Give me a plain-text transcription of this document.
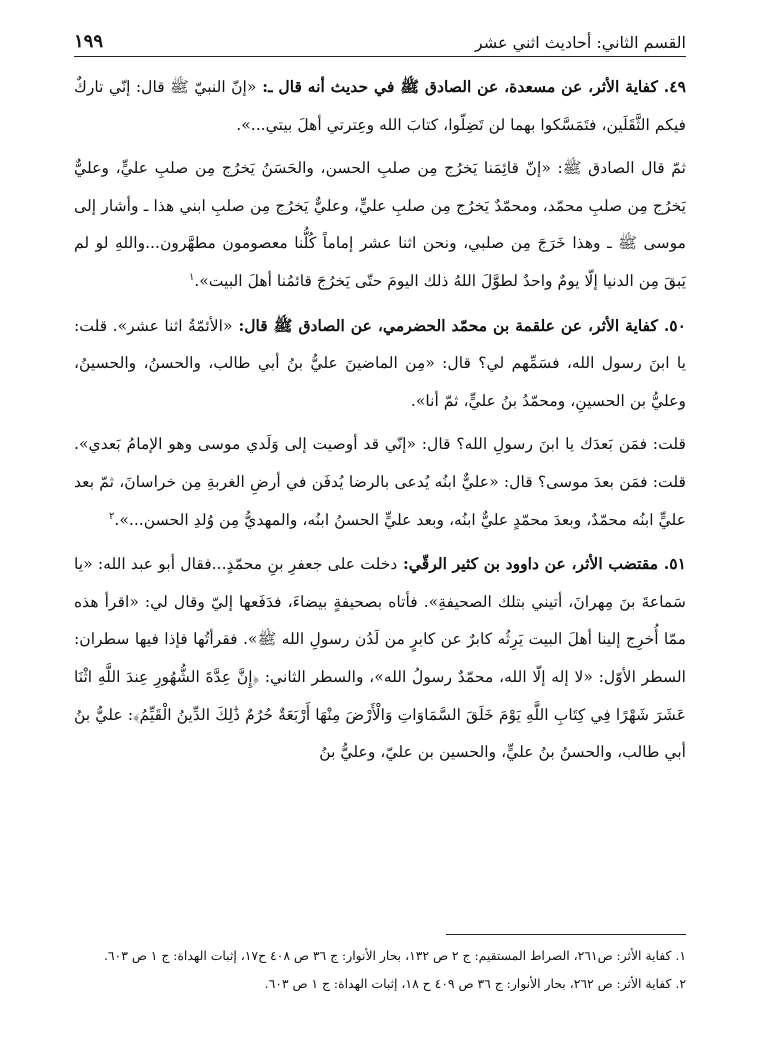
القسم الثاني: أحاديث اثني عشر
١٩٩

٤٩. كفاية الأثر، عن مسعدة، عن الصادق ﷺ في حديث أنه قال ـ: «إنّ النبيّ ﷺ قال: إنّي تاركٌ فيكم الثَّقَلَين، فتَمَسَّكوا بهما لن تَضِلّوا، كتابَ الله وعِترتي أهلَ بيتي...».

ثمّ قال الصادق ﷺ: «إنّ قائِمَنا يَخرُج مِن صلبِ الحسن، والحَسَنُ يَخرُج مِن صلبِ عليٍّ، وعليٌّ يَخرُج مِن صلبِ محمّد، ومحمّدٌ يَخرُج مِن صلبِ عليٍّ، وعليٌّ يَخرُج مِن صلبِ ابني هذا ـ وأشار إلى موسى ﷺ ـ وهذا خَرَجَ مِن صلبي، ونحن اثنا عشر إماماً كُلُّنا معصومون مطهَّرون...واللهِ لو لم يَبقَ مِن الدنيا إلّا يومٌ واحدٌ لطوَّلَ اللهُ ذلك اليومَ حتّى يَخرُجَ قائمُنا أهلَ البيت».$^١$

٥٠. كفاية الأثر، عن علقمة بن محمّد الحضرمي، عن الصادق ﷺ قال: «الأئمّةُ اثنا عشر». قلت: يا ابنَ رسول الله، فسَمِّهم لي؟ قال: «مِن الماضينَ عليُّ بنُ أبي طالب، والحسنُ، والحسينُ، وعليُّ بن الحسينِ، ومحمّدُ بنُ عليٍّ، ثمّ أنا».

قلت: فمَن بَعدَك يا ابنَ رسولِ الله؟ قال: «إنّي قد أوصيت إلى وَلَدي موسى وهو الإمامُ بَعدي». قلت: فمَن بعدَ موسى؟ قال: «عليٌّ ابنُه يُدعى بالرضا يُدفَن في أرضِ الغربةِ مِن خراسانَ، ثمّ بعد عليٍّ ابنُه محمّدٌ، وبعدَ محمّدٍ عليٌّ ابنُه، وبعد عليٍّ الحسنُ ابنُه، والمهديُّ مِن وُلدِ الحسن...».$^٢$

٥١. مقتضب الأثر، عن داوود بن كثير الرقّي: دخلت على جعفرِ بنِ محمّدٍ...فقال أبو عبد الله: «يا سَماعةَ بنَ مِهرانَ، أتيني بتلك الصحيفةِ». فأتاه بصحيفةٍ بيضاءَ، فدَفَعها إليّ وقال لي: «اقرأ هذه ممّا أُخرِج إلينا أهلَ البيت يَرِثُه كابرٌ عن كابرٍ من لَدُن رسولِ الله ﷺ». فقرأتُها فإذا فيها سطران: السطر الأوّل: «لا إله إلّا الله، محمّدٌ رسولُ الله»، والسطر الثاني: ﴿إِنَّ عِدَّةَ الشُّهُورِ عِندَ اللَّهِ اثْنَا عَشَرَ شَهْرًا فِي كِتَابِ اللَّهِ يَوْمَ خَلَقَ السَّمَاوَاتِ وَالْأَرْضَ مِنْهَا أَرْبَعَةٌ حُرُمٌ ذَٰلِكَ الدِّينُ الْقَيِّمُ﴾: عليُّ بنُ أبي طالب، والحسنُ بنُ عليٍّ، والحسين بن عليّ، وعليُّ بنُ

١. كفاية الأثر: ص٢٦١، الصراط المستقيم: ج ٢ ص ١٣٢، بحار الأنوار: ج ٣٦ ص ٤٠٨ ح١٧، إثبات الهداة: ج ١ ص ٦٠٣.

٢. كفاية الأثر: ص ٢٦٢، بحار الأنوار: ج ٣٦ ص ٤٠٩ ح ١٨، إثبات الهداة: ج ١ ص ٦٠٣.
